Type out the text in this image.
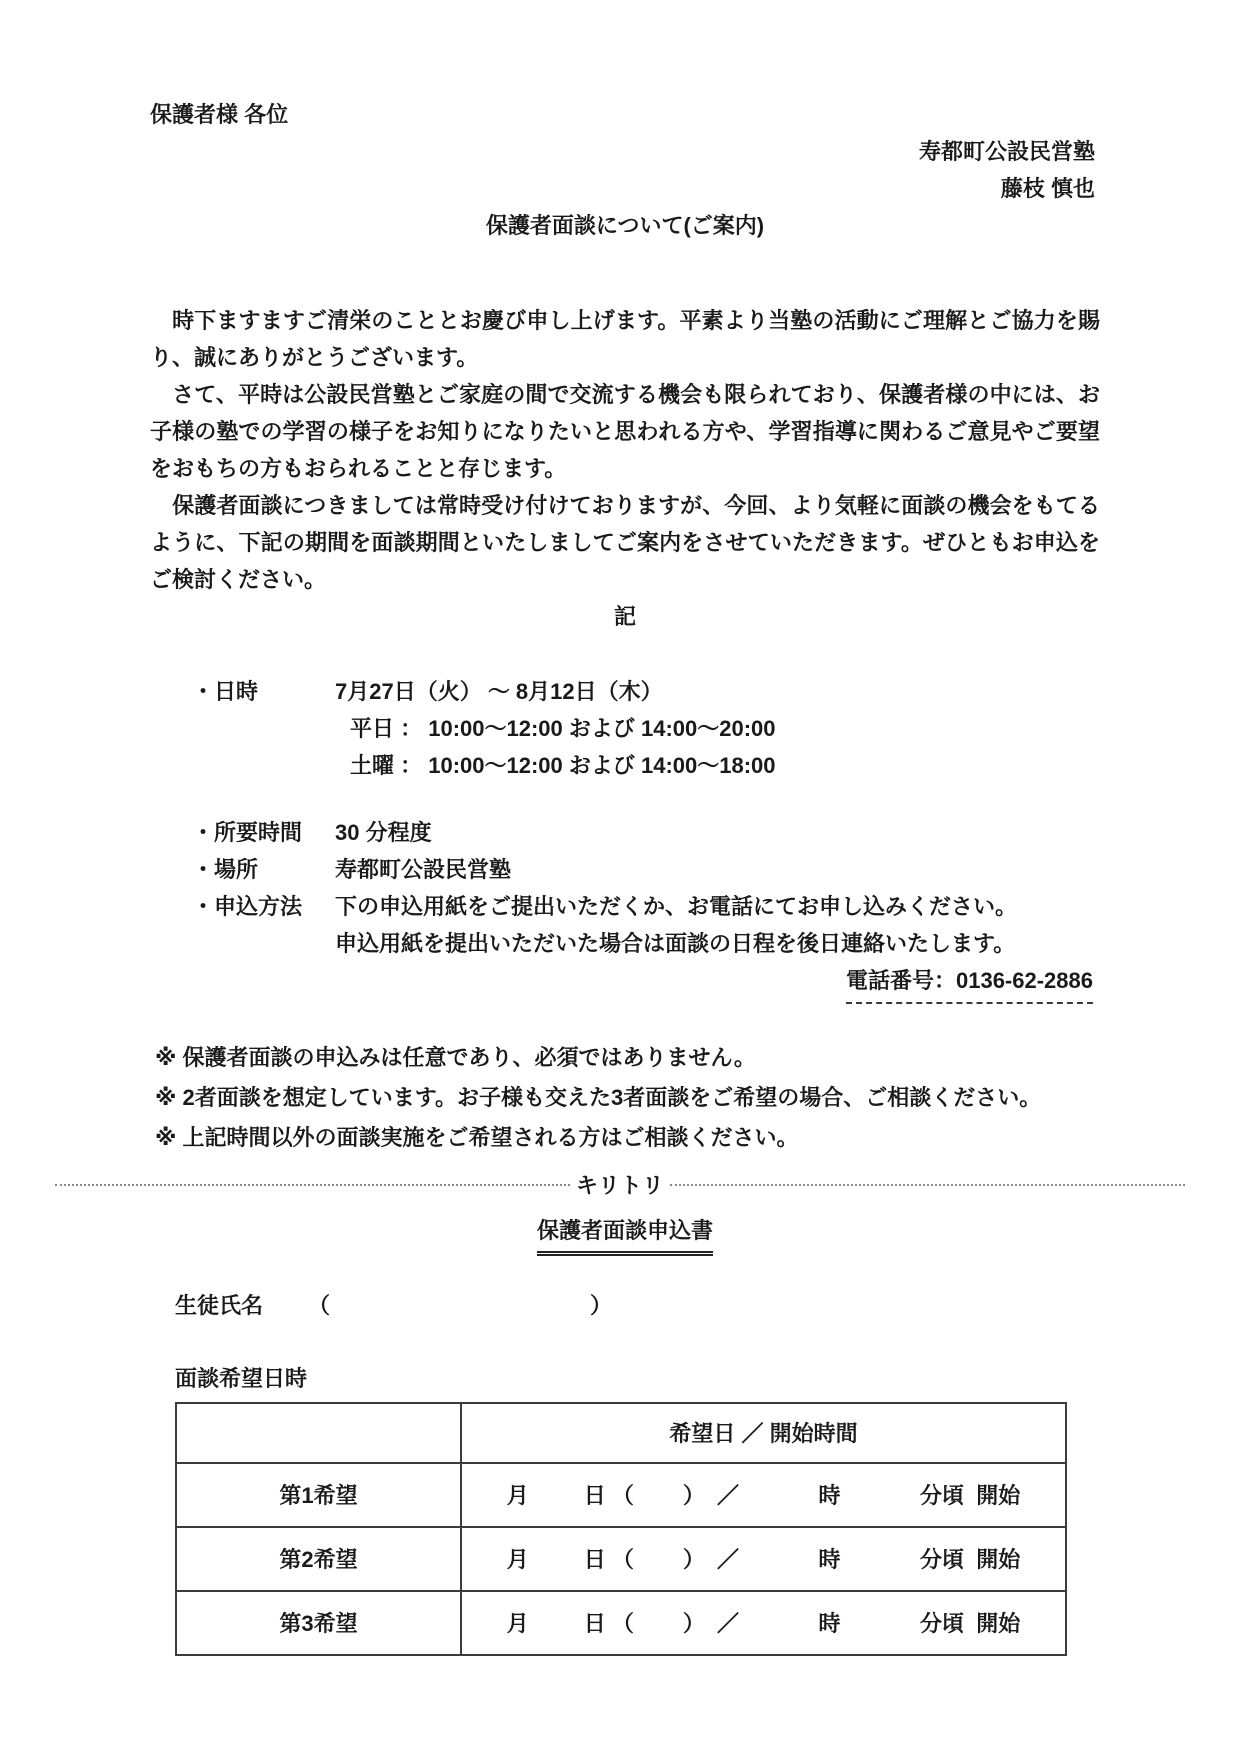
保護者様 各位
寿都町公設民営塾
藤枝 慎也
保護者面談について(ご案内)
　時下ますますご清栄のこととお慶び申し上げます。平素より当塾の活動にご理解とご協力を賜り、誠にありがとうございます。
　さて、平時は公設民営塾とご家庭の間で交流する機会も限られており、保護者様の中には、お子様の塾での学習の様子をお知りになりたいと思われる方や、学習指導に関わるご意見やご要望をおもちの方もおられることと存じます。
　保護者面談につきましては常時受け付けておりますが、今回、より気軽に面談の機会をもてるように、下記の期間を面談期間といたしましてご案内をさせていただきます。ぜひともお申込をご検討ください。
記
・日時	7月27日（火） ～ 8月12日（木）
平日 ： 10:00～12:00 および 14:00～20:00
土曜 ： 10:00～12:00 および 14:00～18:00
・所要時間	30 分程度
・場所	寿都町公設民営塾
・申込方法	下の申込用紙をご提出いただくか、お電話にてお申し込みください。
申込用紙を提出いただいた場合は面談の日程を後日連絡いたします。
電話番号：0136-62-2886
※ 保護者面談の申込みは任意であり、必須ではありません。
※ 2者面談を想定しています。お子様も交えた3者面談をご希望の場合、ご相談ください。
※ 上記時間以外の面談実施をご希望される方はご相談ください。
キリトリ
保護者面談申込書
生徒氏名 （	）
面談希望日時
	希望日 ／ 開始時間
第1希望	月         日 （        ）  ／             時             分頃  開始
第2希望	月         日 （        ）  ／             時             分頃  開始
第3希望	月         日 （        ）  ／             時             分頃  開始
